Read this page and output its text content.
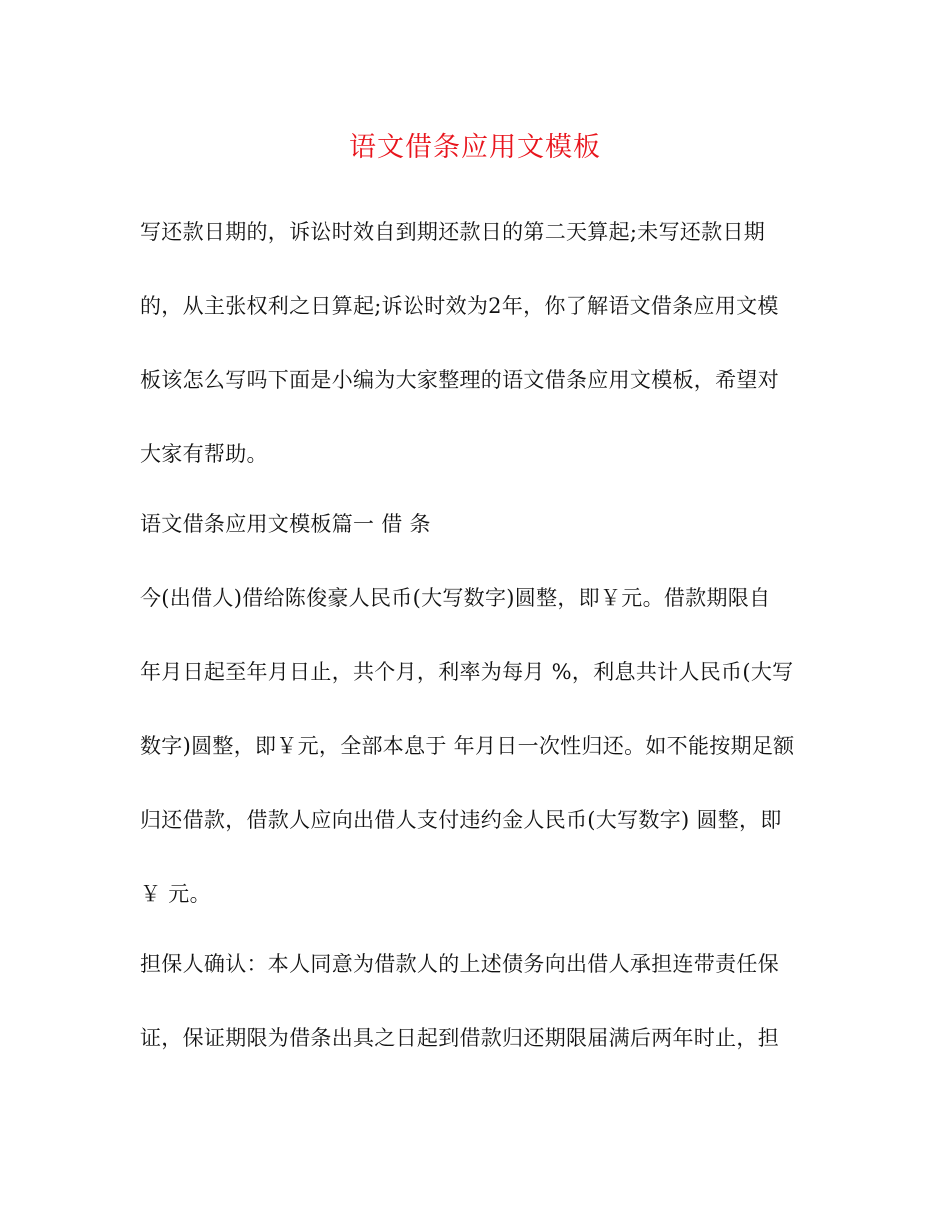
语文借条应用文模板
写还款日期的，诉讼时效自到期还款日的第二天算起;未写还款日期
的，从主张权利之日算起;诉讼时效为2年，你了解语文借条应用文模
板该怎么写吗下面是小编为大家整理的语文借条应用文模板，希望对
大家有帮助。
语文借条应用文模板篇一 借 条
今(出借人)借给陈俊豪人民币(大写数字)圆整，即￥元。借款期限自
年月日起至年月日止，共个月，利率为每月 %，利息共计人民币(大写
数字)圆整，即￥元，全部本息于 年月日一次性归还。如不能按期足额
归还借款，借款人应向出借人支付违约金人民币(大写数字) 圆整，即
￥ 元。
担保人确认：本人同意为借款人的上述债务向出借人承担连带责任保
证，保证期限为借条出具之日起到借款归还期限届满后两年时止，担
